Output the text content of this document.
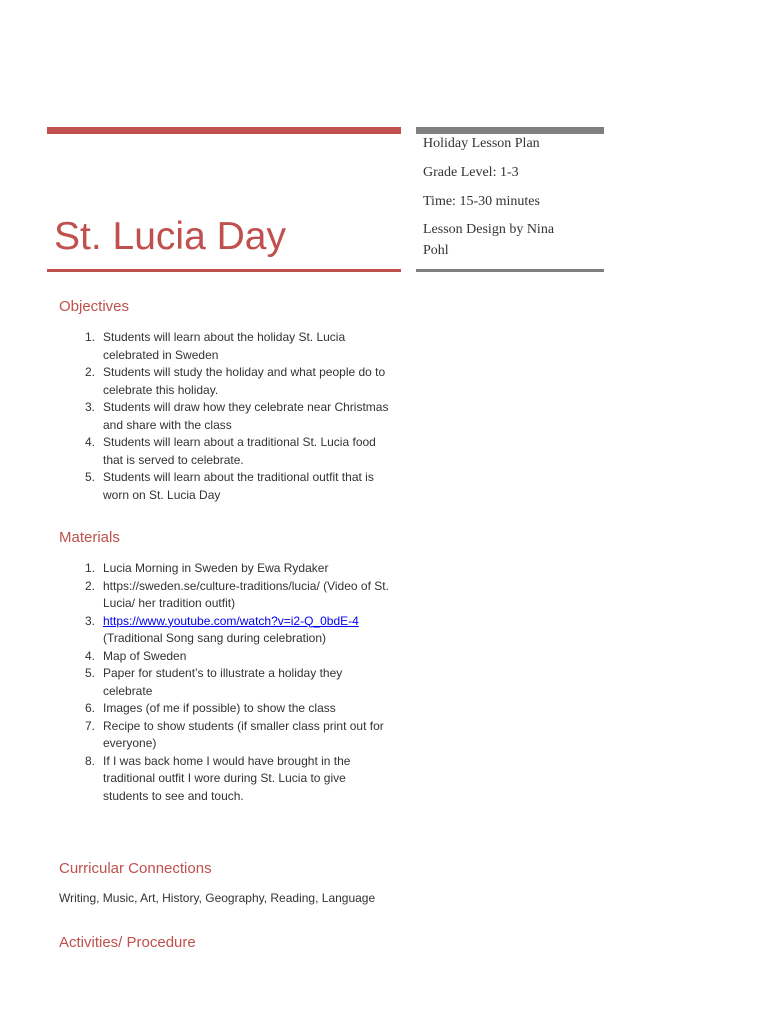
St. Lucia Day

Holiday Lesson Plan

Grade Level: 1-3

Time: 15-30 minutes

Lesson Design by Nina Pohl

Objectives
1. Students will learn about the holiday St. Lucia celebrated in Sweden
2. Students will study the holiday and what people do to celebrate this holiday.
3. Students will draw how they celebrate near Christmas and share with the class
4. Students will learn about a traditional St. Lucia food that is served to celebrate.
5. Students will learn about the traditional outfit that is worn on St. Lucia Day
Materials
1. Lucia Morning in Sweden by Ewa Rydaker
2. https://sweden.se/culture-traditions/lucia/ (Video of St. Lucia/ her tradition outfit)
3. https://www.youtube.com/watch?v=i2-Q_0bdE-4
(Traditional Song sang during celebration)
4. Map of Sweden
5. Paper for student’s to illustrate a holiday they celebrate
6. Images (of me if possible) to show the class
7. Recipe to show students (if smaller class print out for everyone)
8. If I was back home I would have brought in the traditional outfit I wore during St. Lucia to give students to see and touch.
Curricular Connections

Writing, Music, Art, History, Geography, Reading, Language

Activities/ Procedure
